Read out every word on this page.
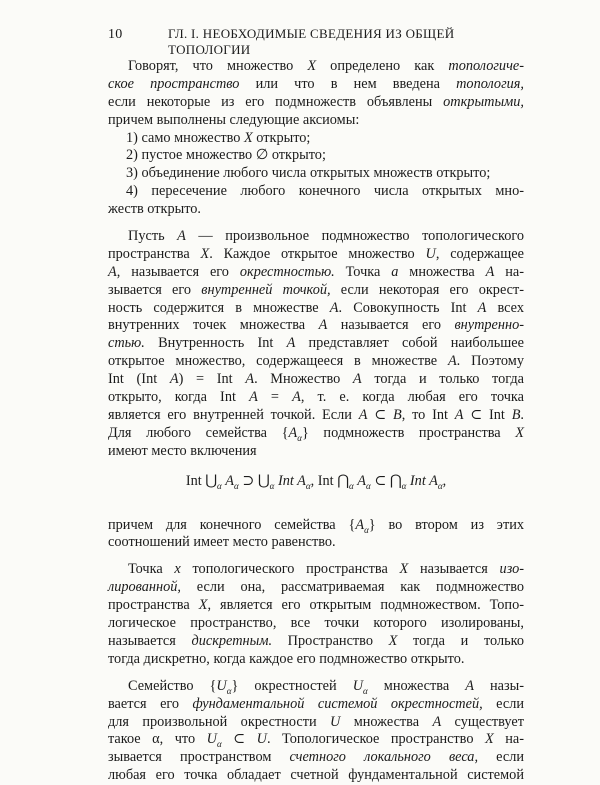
10	ГЛ. I. НЕОБХОДИМЫЕ СВЕДЕНИЯ ИЗ ОБЩЕЙ ТОПОЛОГИИ
Говорят, что множество X определено как топологиче-
ское пространство или что в нем введена топология,
если некоторые из его подмножеств объявлены открытыми,
причем выполнены следующие аксиомы:
1) само множество X открыто;
2) пустое множество ∅ открыто;
3) объединение любого числа открытых множеств открыто;
4) пересечение любого конечного числа открытых мно-
жеств открыто.
Пусть A — произвольное подмножество топологического
пространства X. Каждое открытое множество U, содержащее
A, называется его окрестностью. Точка a множества A на-
зывается его внутренней точкой, если некоторая его окрест-
ность содержится в множестве A. Совокупность Int A всех
внутренних точек множества A называется его внутренно-
стью. Внутренность Int A представляет собой наибольшее
открытое множество, содержащееся в множестве A. Поэтому
Int (Int A) = Int A. Множество A тогда и только тогда
открыто, когда Int A = A, т. е. когда любая его точка
является его внутренней точкой. Если A ⊂ B, то Int A ⊂ Int B.
Для любого семейства $\{A_\alpha\}$ подмножеств пространства X
имеют место включения
Int $⋃_\alpha$ $A_\alpha$ ⊃ $⋃_\alpha$ Int $A_\alpha$, Int $⋂_\alpha$ $A_\alpha$ ⊂ $⋂_\alpha$ Int $A_\alpha$,
причем для конечного семейства $\{A_\alpha\}$ во втором из этих
соотношений имеет место равенство.
Точка x топологического пространства X называется изо-
лированной, если она, рассматриваемая как подмножество
пространства X, является его открытым подмножеством. Топо-
логическое пространство, все точки которого изолированы,
называется дискретным. Пространство X тогда и только
тогда дискретно, когда каждое его подмножество открыто.
Семейство $\{U_\alpha\}$ окрестностей $U_\alpha$ множества A назы-
вается его фундаментальной системой окрестностей, если
для произвольной окрестности U множества A существует
такое α, что $U_\alpha$ ⊂ U. Топологическое пространство X на-
зывается пространством счетного локального веса, если
любая его точка обладает счетной фундаментальной системой
